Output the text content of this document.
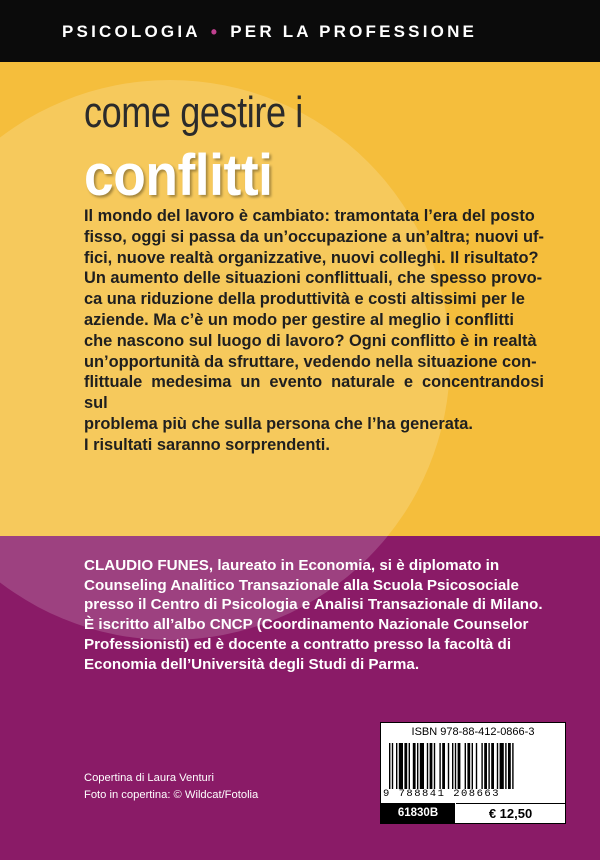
PSICOLOGIA • PER LA PROFESSIONE
come gestire i
conflitti
Il mondo del lavoro è cambiato: tramontata l’era del posto
fisso, oggi si passa da un’occupazione a un’altra; nuovi uf-
fici, nuove realtà organizzative, nuovi colleghi. Il risultato?
Un aumento delle situazioni conflittuali, che spesso provo-
ca una riduzione della produttività e costi altissimi per le
aziende. Ma c’è un modo per gestire al meglio i conflitti
che nascono sul luogo di lavoro? Ogni conflitto è in realtà
un’opportunità da sfruttare, vedendo nella situazione con-
flittuale medesima un evento naturale e concentrandosi sul
problema più che sulla persona che l’ha generata.
I risultati saranno sorprendenti.
CLAUDIO FUNES, laureato in Economia, si è diplomato in
Counseling Analitico Transazionale alla Scuola Psicosociale
presso il Centro di Psicologia e Analisi Transazionale di Milano.
È iscritto all’albo CNCP (Coordinamento Nazionale Counselor
Professionisti) ed è docente a contratto presso la facoltà di
Economia dell’Università degli Studi di Parma.
Copertina di Laura Venturi
Foto in copertina: © Wildcat/Fotolia
ISBN 978-88-412-0866-3
9 788841 208663
61830B	€ 12,50
